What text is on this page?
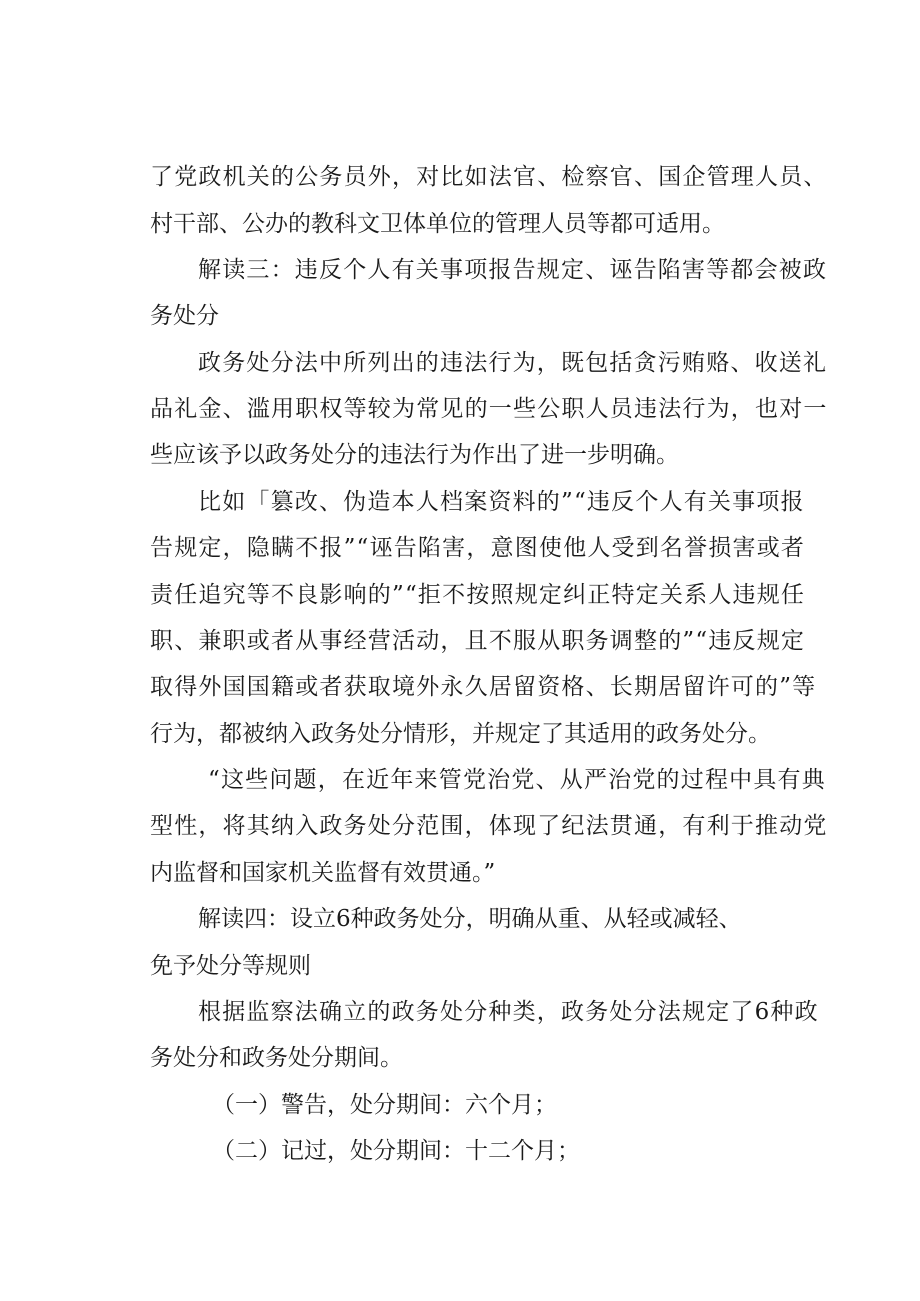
了党政机关的公务员外，对比如法官、检察官、国企管理人员、
村干部、公办的教科文卫体单位的管理人员等都可适用。
解读三：违反个人有关事项报告规定、诬告陷害等都会被政
务处分
政务处分法中所列出的违法行为，既包括贪污贿赂、收送礼
品礼金、滥用职权等较为常见的一些公职人员违法行为，也对一
些应该予以政务处分的违法行为作出了进一步明确。
比如「篡改、伪造本人档案资料的”“违反个人有关事项报
告规定，隐瞒不报”“诬告陷害，意图使他人受到名誉损害或者
责任追究等不良影响的”“拒不按照规定纠正特定关系人违规任
职、兼职或者从事经营活动，且不服从职务调整的”“违反规定
取得外国国籍或者获取境外永久居留资格、长期居留许可的”等
行为，都被纳入政务处分情形，并规定了其适用的政务处分。
“这些问题，在近年来管党治党、从严治党的过程中具有典
型性，将其纳入政务处分范围，体现了纪法贯通，有利于推动党
内监督和国家机关监督有效贯通。”
解读四：设立6种政务处分，明确从重、从轻或减轻、
免予处分等规则
根据监察法确立的政务处分种类，政务处分法规定了6种政
务处分和政务处分期间。
（一）警告，处分期间：六个月；
（二）记过，处分期间：十二个月；
